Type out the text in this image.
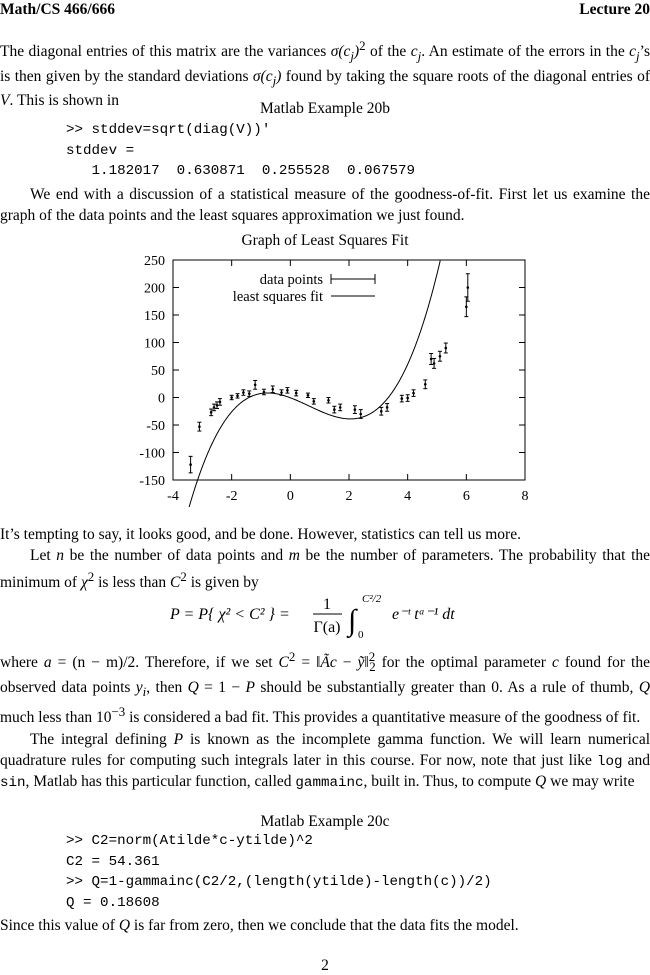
Math/CS 466/666	Lecture 20

The diagonal entries of this matrix are the variances $\sigma(c_j)^2$ of the $c_j$. An estimate of the errors in the $c_j’s$ is then given by the standard deviations $\sigma(c_j)$ found by taking the square roots of the diagonal entries of V. This is shown in	Matlab Example 20b
>> stddev=sqrt(diag(V))'
stddev =
1.182017  0.630871  0.255528  0.067579

We end with a discussion of a statistical measure of the goodness-of-fit. First let us examine the graph of the data points and the least squares approximation we just found.

Graph of Least Squares Fit
-4	-2	0	2	4	6	8
250
200
150
100
50
0
-50
-100
-150
data points
least squares fit

It’s tempting to say, it looks good, and be done. However, statistics can tell us more.

Let n be the number of data points and m be the number of parameters. The probability that the minimum of $\chi^2$ is less than $C^2$ is given by

P = P{ χ² < C² } =
1
Γ(a) ∫
C²/2
0
e⁻ᵗ tᵃ⁻¹ dt

where a = (n − m)/2. Therefore, if we set $C^2$ = ‖Ãc − ỹ‖$^2_2$ for the optimal parameter c found for the observed data points $y_i$, then Q = 1 − P should be substantially greater than 0. As a rule of thumb, Q much less than $10^{-3}$ is considered a bad fit. This provides a quantitative measure of the goodness of fit.

The integral defining P is known as the incomplete gamma function. We will learn numerical quadrature rules for computing such integrals later in this course. For now, note that just like log and sin, Matlab has this particular function, called gammainc, built in. Thus, to compute Q we may write

Matlab Example 20c
>> C2=norm(Atilde*c-ytilde)^2
C2 = 54.361
>> Q=1-gammainc(C2/2,(length(ytilde)-length(c))/2)
Q = 0.18608

Since this value of Q is far from zero, then we conclude that the data fits the model.

2
